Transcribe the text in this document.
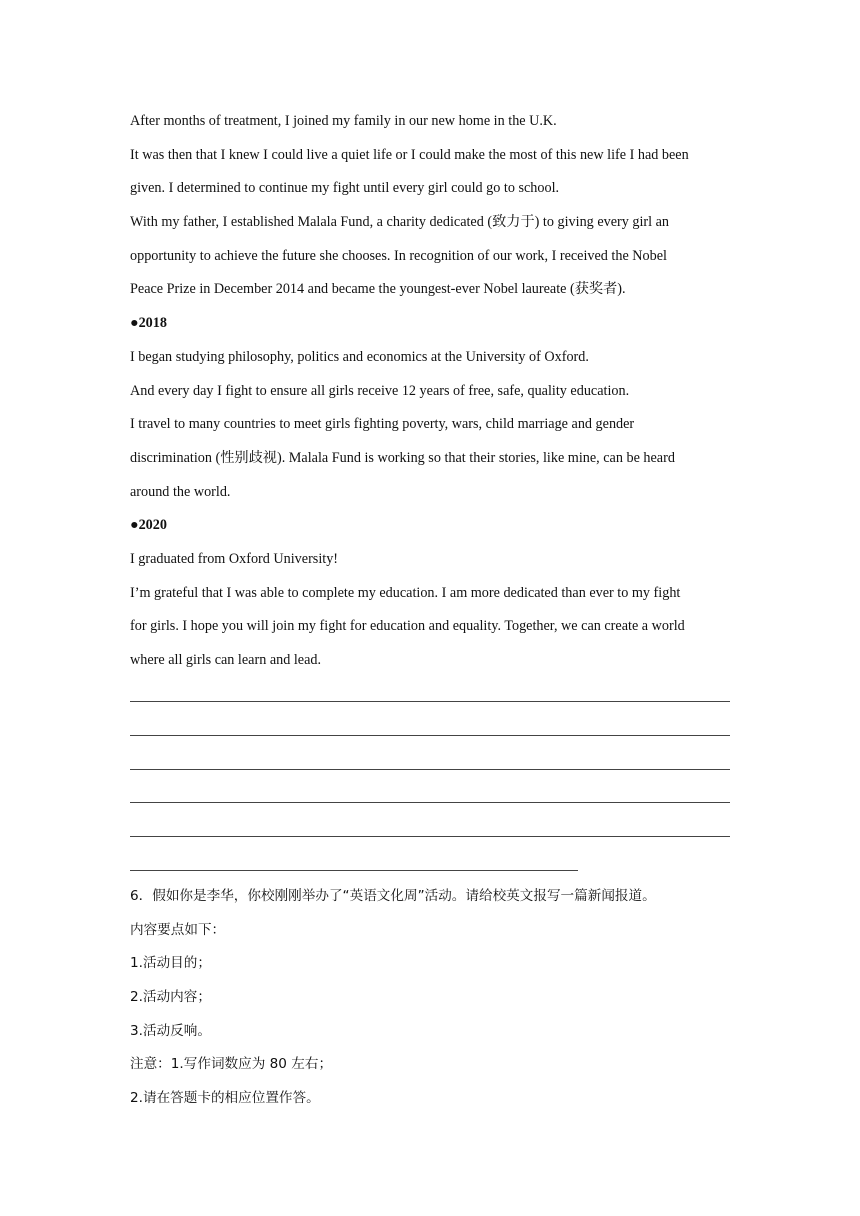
After months of treatment, I joined my family in our new home in the U.K.
It was then that I knew I could live a quiet life or I could make the most of this new life I had been
given. I determined to continue my fight until every girl could go to school.
With my father, I established Malala Fund, a charity dedicated (致力于) to giving every girl an
opportunity to achieve the future she chooses. In recognition of our work, I received the Nobel
Peace Prize in December 2014 and became the youngest-ever Nobel laureate (获奖者).
●2018
I began studying philosophy, politics and economics at the University of Oxford.
And every day I fight to ensure all girls receive 12 years of free, safe, quality education.
I travel to many countries to meet girls fighting poverty, wars, child marriage and gender
discrimination (性别歧视). Malala Fund is working so that their stories, like mine, can be heard
around the world.
●2020
I graduated from Oxford University!
I’m grateful that I was able to complete my education. I am more dedicated than ever to my fight
for girls. I hope you will join my fight for education and equality. Together, we can create a world
where all girls can learn and lead.
6．假如你是李华，你校刚刚举办了“英语文化周”活动。请给校英文报写一篇新闻报道。
内容要点如下：
1.活动目的；
2.活动内容；
3.活动反响。
注意：1.写作词数应为 80 左右；
2.请在答题卡的相应位置作答。
